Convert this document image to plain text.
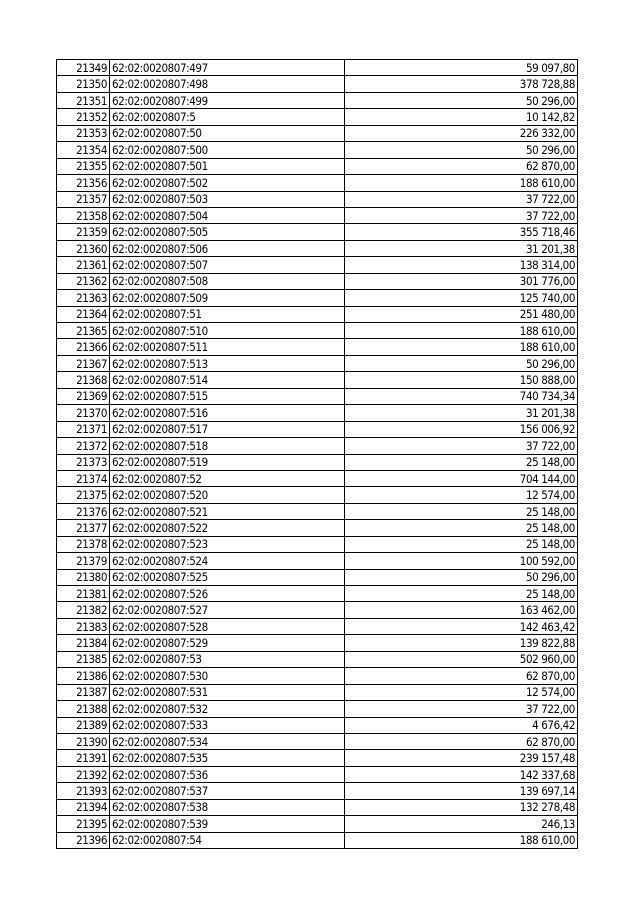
21349	62:02:0020807:497	59 097,80
21350	62:02:0020807:498	378 728,88
21351	62:02:0020807:499	50 296,00
21352	62:02:0020807:5	10 142,82
21353	62:02:0020807:50	226 332,00
21354	62:02:0020807:500	50 296,00
21355	62:02:0020807:501	62 870,00
21356	62:02:0020807:502	188 610,00
21357	62:02:0020807:503	37 722,00
21358	62:02:0020807:504	37 722,00
21359	62:02:0020807:505	355 718,46
21360	62:02:0020807:506	31 201,38
21361	62:02:0020807:507	138 314,00
21362	62:02:0020807:508	301 776,00
21363	62:02:0020807:509	125 740,00
21364	62:02:0020807:51	251 480,00
21365	62:02:0020807:510	188 610,00
21366	62:02:0020807:511	188 610,00
21367	62:02:0020807:513	50 296,00
21368	62:02:0020807:514	150 888,00
21369	62:02:0020807:515	740 734,34
21370	62:02:0020807:516	31 201,38
21371	62:02:0020807:517	156 006,92
21372	62:02:0020807:518	37 722,00
21373	62:02:0020807:519	25 148,00
21374	62:02:0020807:52	704 144,00
21375	62:02:0020807:520	12 574,00
21376	62:02:0020807:521	25 148,00
21377	62:02:0020807:522	25 148,00
21378	62:02:0020807:523	25 148,00
21379	62:02:0020807:524	100 592,00
21380	62:02:0020807:525	50 296,00
21381	62:02:0020807:526	25 148,00
21382	62:02:0020807:527	163 462,00
21383	62:02:0020807:528	142 463,42
21384	62:02:0020807:529	139 822,88
21385	62:02:0020807:53	502 960,00
21386	62:02:0020807:530	62 870,00
21387	62:02:0020807:531	12 574,00
21388	62:02:0020807:532	37 722,00
21389	62:02:0020807:533	4 676,42
21390	62:02:0020807:534	62 870,00
21391	62:02:0020807:535	239 157,48
21392	62:02:0020807:536	142 337,68
21393	62:02:0020807:537	139 697,14
21394	62:02:0020807:538	132 278,48
21395	62:02:0020807:539	246,13
21396	62:02:0020807:54	188 610,00
